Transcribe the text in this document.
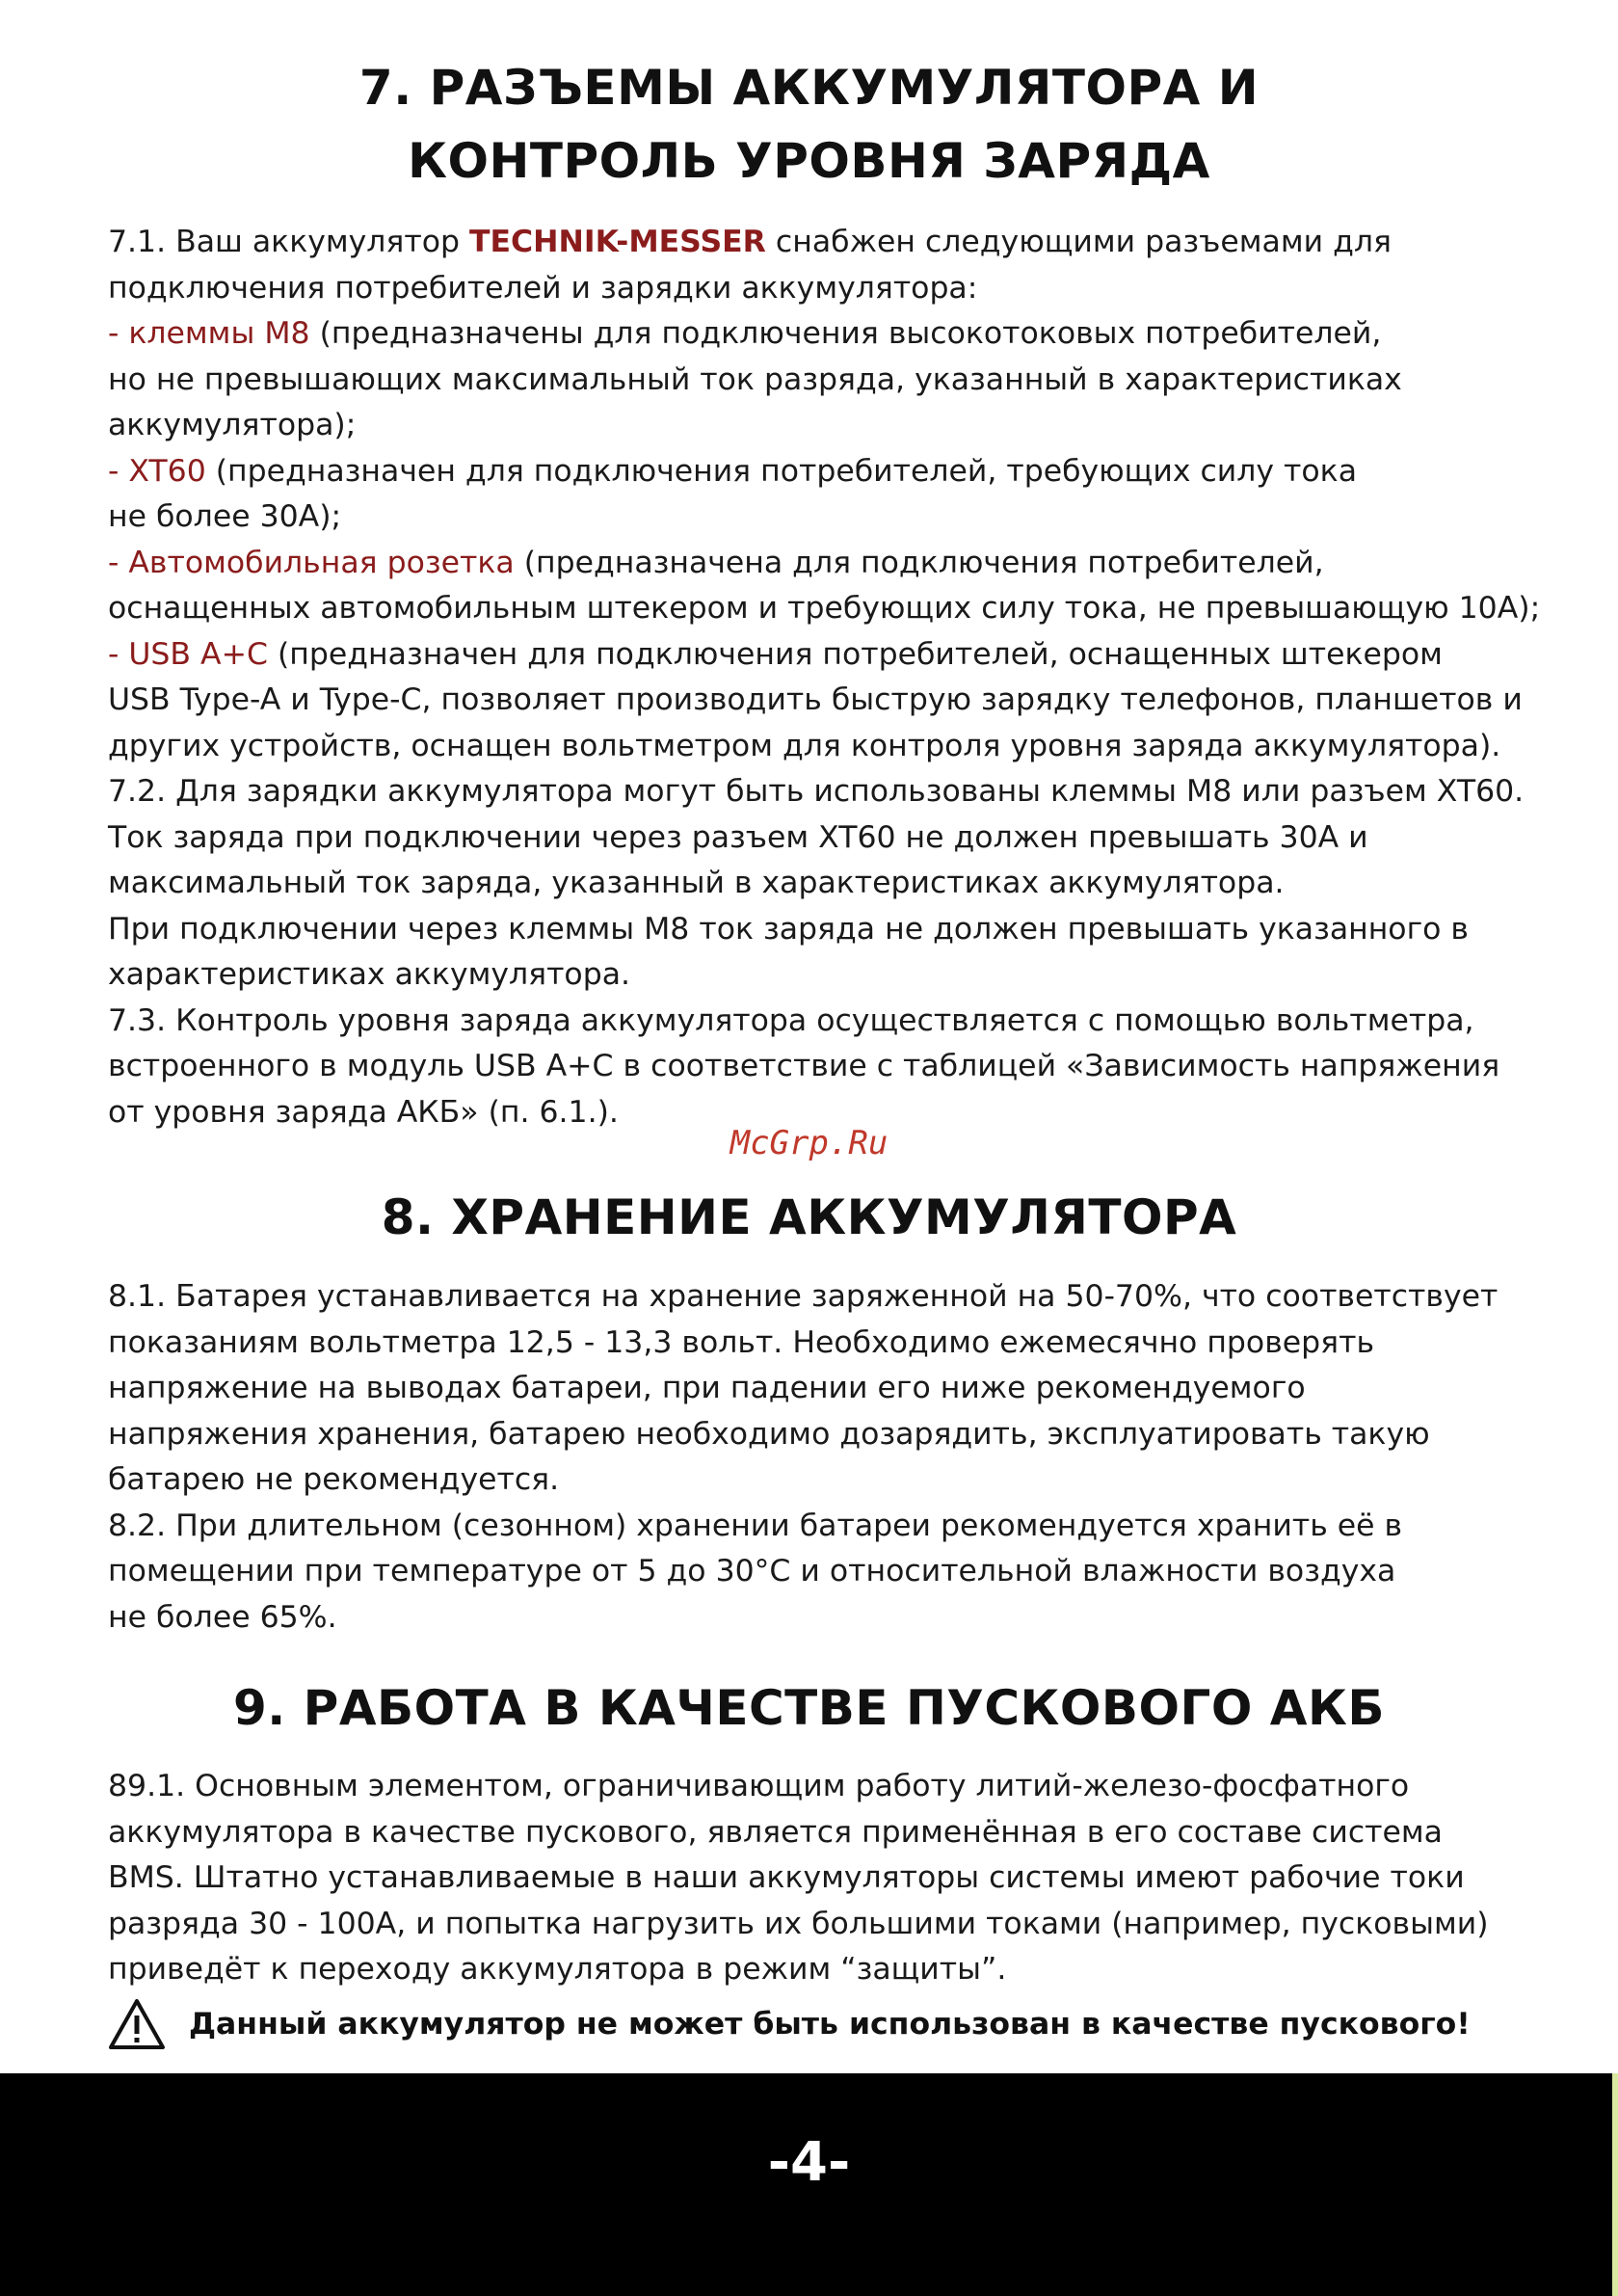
7. РАЗЪЕМЫ АККУМУЛЯТОРА И
КОНТРОЛЬ УРОВНЯ ЗАРЯДА
7.1. Ваш аккумулятор TECHNIK-MESSER снабжен следующими разъемами для
подключения потребителей и зарядки аккумулятора:
- клеммы М8 (предназначены для подключения высокотоковых потребителей,
но не превышающих максимальный ток разряда, указанный в характеристиках
аккумулятора);
- XT60 (предназначен для подключения потребителей, требующих силу тока
не более 30А);
- Автомобильная розетка (предназначена для подключения потребителей,
оснащенных автомобильным штекером и требующих силу тока, не превышающую 10А);
- USB A+C (предназначен для подключения потребителей, оснащенных штекером
USB Type-A и Type-C, позволяет производить быструю зарядку телефонов, планшетов и
других устройств, оснащен вольтметром для контроля уровня заряда аккумулятора).
7.2. Для зарядки аккумулятора могут быть использованы клеммы М8 или разъем XT60.
Ток заряда при подключении через разъем XT60 не должен превышать 30А и
максимальный ток заряда, указанный в характеристиках аккумулятора.
При подключении через клеммы М8 ток заряда не должен превышать указанного в
характеристиках аккумулятора.
7.3. Контроль уровня заряда аккумулятора осуществляется с помощью вольтметра,
встроенного в модуль USB A+C в соответствие с таблицей «Зависимость напряжения
от уровня заряда АКБ» (п. 6.1.).
McGrp.Ru
8. ХРАНЕНИЕ АККУМУЛЯТОРА
8.1. Батарея устанавливается на хранение заряженной на 50-70%, что соответствует
показаниям вольтметра 12,5 - 13,3 вольт. Необходимо ежемесячно проверять
напряжение на выводах батареи, при падении его ниже рекомендуемого
напряжения хранения, батарею необходимо дозарядить, эксплуатировать такую
батарею не рекомендуется.
8.2. При длительном (сезонном) хранении батареи рекомендуется хранить её в
помещении при температуре от 5 до 30°С и относительной влажности воздуха
не более 65%.
9. РАБОТА В КАЧЕСТВЕ ПУСКОВОГО АКБ
89.1. Основным элементом, ограничивающим работу литий-железо-фосфатного
аккумулятора в качестве пускового, является применённая в его составе система
BMS. Штатно устанавливаемые в наши аккумуляторы системы имеют рабочие токи
разряда 30 - 100А, и попытка нагрузить их большими токами (например, пусковыми)
приведёт к переходу аккумулятора в режим “защиты”.
Данный аккумулятор не может быть использован в качестве пускового!
-4-
